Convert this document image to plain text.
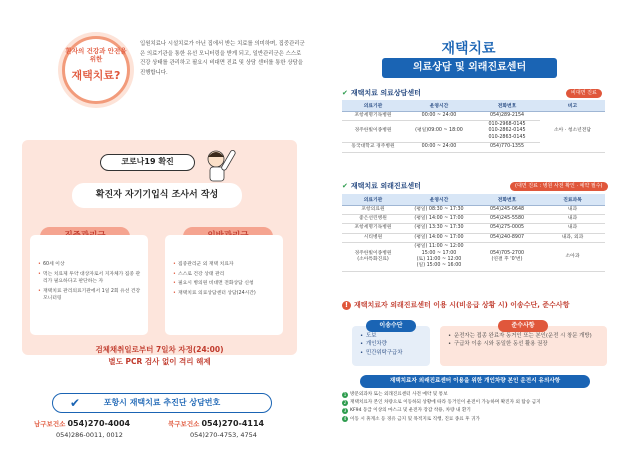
환자의 건강과 안전을 위한
재택치료?
입원치료나 시설치료가 아닌 집에서 받는 치료를 의미하며, 집중관리군은 의료기관을 통한 유선 모니터링을 받게 되고, 일반관리군은 스스로 건강 상태를 관리하고 필요시 비대면 진료 및 상담 센터를 통한 상담을 진행합니다.
코로나19 확진
확진자 자기기입식 조사서 작성
• 60세 이상
• 먹는 치료제 투약 대상자로서 지자체가 집중 관리가 필요하다고 판단하는 자
• 재택치료 관리의료기관에서 1일 2회 유선 건강 모니터링
• 집중관리군 외 재택 치료자
• 스스로 건강 상태 관리
• 필요시 병의원 비대면 전화상담 신청
• 재택치료 의료상담센터 상담(24시간)
검체채취일로부터 7일차 자정(24:00)
별도 PCR 검사 없이 격리 해제
포항시 재택치료 추진단 상담번호
✔
남구보건소 054)270-4004
054)286-0011, 0012
북구보건소 054)270-4114
054)270-4753, 4754
재택치료
의료상담 및 외래진료센터
✔ 재택치료 의료상담센터	비대면 진료
의료기관	운영시간	전화번호	비고
포항세명기독병원	00:00 ~ 24:00	054)289-2154	소아 · 청소년전담
경주한빛이종병원	(평일)09:00 ~ 18:00	010-2968-0145
010-2862-0145
010-2863-0145	
동국대학교 경주병원	00:00 ~ 24:00	054)770-1355	
✔ 재택치료 외래진료센터	(대면 진료 : 병원 사전 확인 · 예약 필수)
의료기관	운영시간	전화번호	진료과목
포항의료원	(평일) 08:30 ~ 17:30	054)245-0648	내과
좋은선린병원	(평일) 14:00 ~ 17:00	054)245-5580	내과
포항세명기독병원	(평일) 13:30 ~ 17:30	054)275-0005	내과
시티병원	(평일) 14:00 ~ 17:00	054)240-8907	내과, 외과
경주한빛이종병원
(소아특화진료)	(평일) 11:00 ~ 12:00
15:00 ~ 17:00
(토) 11:00 ~ 12:00
(일) 15:00 ~ 16:00	054)705-2700
(연결 후 '0'번)	소아과
! 재택치료자 외래진료센터 이용 시(비응급 상황 시) 이송수단, 준수사항
• 도보
• 개인차량
• 민간위탁구급차
이송수단
• 운전자는 접종 완료자 동거인 또는 본인(운전 시 창문 개방)
• 구급차 이송 시와 동일한 동선 활용 권장
준수사항
재택치료자 외래진료센터 이용을 위한 개인차량 본인 운전시 유의사항
1 방문외과차 또는 외래진료센터 사전 예약 및 통보
2 재택치료자 본인 차량으로 이동하되 상황에 따라 동거인이 운전이 가능하며 확진자 외 탑승 금지
3 KF94 동급 이상의 마스크 및 운전자 장갑 착용, 차량 내 환기
4 이동 시 휴게소 등 경유 금지 및 목적지로 직행, 진료 종료 후 귀가
